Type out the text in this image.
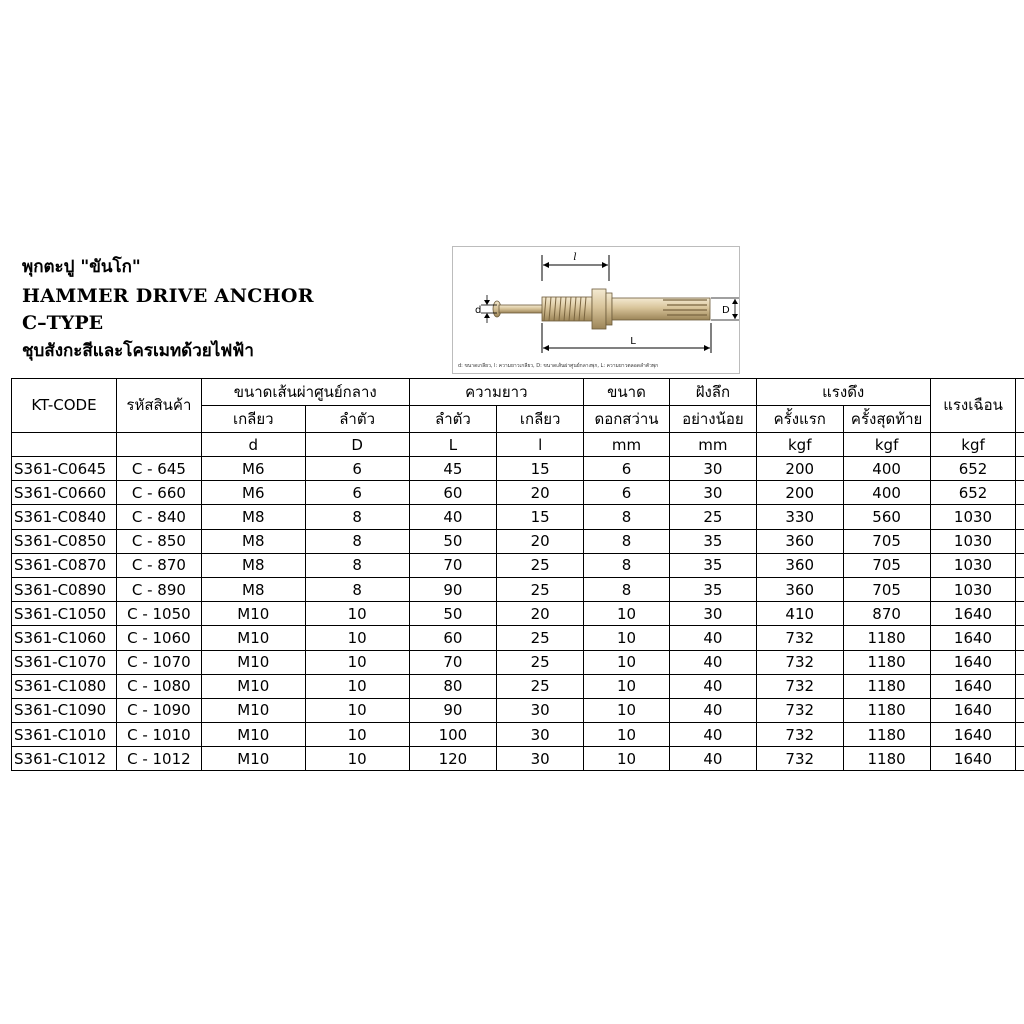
พุกตะปู "ขันโก"
HAMMER DRIVE ANCHOR
C–TYPE
ชุบสังกะสีและโครเมทด้วยไฟฟ้า
l
d	D
L
d: ขนาดเกลียว, l: ความยาวเกลียว, D: ขนาดเส้นผ่าศูนย์กลางพุก, L: ความยาวตลอดลำตัวพุก
KT-CODE	รหัสสินค้า	ขนาดเส้นผ่าศูนย์กลาง		ความยาว		ขนาด	ฝังลึก	แรงดึง		แรงเฉือน	
		เกลียว	ลำตัว	ลำตัว	เกลียว	ดอกสว่าน	อย่างน้อย	ครั้งแรก	ครั้งสุดท้าย		
		d	D	L	l	mm	mm	kgf	kgf	kgf	
S361-C0645	C - 645	M6	6	45	15	6	30	200	400	652	
S361-C0660	C - 660	M6	6	60	20	6	30	200	400	652	
S361-C0840	C - 840	M8	8	40	15	8	25	330	560	1030	
S361-C0850	C - 850	M8	8	50	20	8	35	360	705	1030	
S361-C0870	C - 870	M8	8	70	25	8	35	360	705	1030	
S361-C0890	C - 890	M8	8	90	25	8	35	360	705	1030	
S361-C1050	C - 1050	M10	10	50	20	10	30	410	870	1640	
S361-C1060	C - 1060	M10	10	60	25	10	40	732	1180	1640	
S361-C1070	C - 1070	M10	10	70	25	10	40	732	1180	1640	
S361-C1080	C - 1080	M10	10	80	25	10	40	732	1180	1640	
S361-C1090	C - 1090	M10	10	90	30	10	40	732	1180	1640	
S361-C1010	C - 1010	M10	10	100	30	10	40	732	1180	1640	
S361-C1012	C - 1012	M10	10	120	30	10	40	732	1180	1640	
